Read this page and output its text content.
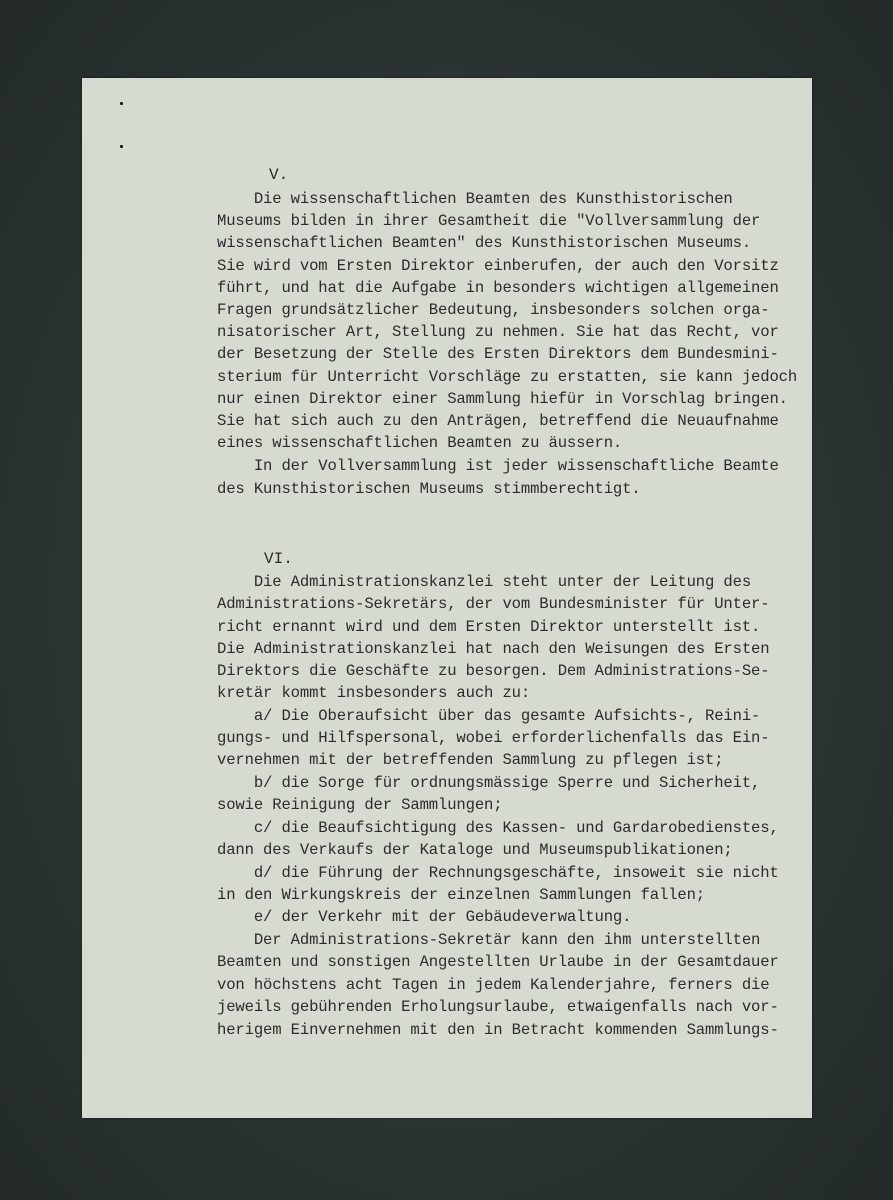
V.
Die wissenschaftlichen Beamten des Kunsthistorischen
Museums bilden in ihrer Gesamtheit die "Vollversammlung der
wissenschaftlichen Beamten" des Kunsthistorischen Museums.
Sie wird vom Ersten Direktor einberufen, der auch den Vorsitz
führt, und hat die Aufgabe in besonders wichtigen allgemeinen
Fragen grundsätzlicher Bedeutung, insbesonders solchen orga-
nisatorischer Art, Stellung zu nehmen. Sie hat das Recht, vor
der Besetzung der Stelle des Ersten Direktors dem Bundesmini-
sterium für Unterricht Vorschläge zu erstatten, sie kann jedoch
nur einen Direktor einer Sammlung hiefür in Vorschlag bringen.
Sie hat sich auch zu den Anträgen, betreffend die Neuaufnahme
eines wissenschaftlichen Beamten zu äussern.
In der Vollversammlung ist jeder wissenschaftliche Beamte
des Kunsthistorischen Museums stimmberechtigt.
VI.
Die Administrationskanzlei steht unter der Leitung des
Administrations-Sekretärs, der vom Bundesminister für Unter-
richt ernannt wird und dem Ersten Direktor unterstellt ist.
Die Administrationskanzlei hat nach den Weisungen des Ersten
Direktors die Geschäfte zu besorgen. Dem Administrations-Se-
kretär kommt insbesonders auch zu:
a/ Die Oberaufsicht über das gesamte Aufsichts-, Reini-
gungs- und Hilfspersonal, wobei erforderlichenfalls das Ein-
vernehmen mit der betreffenden Sammlung zu pflegen ist;
b/ die Sorge für ordnungsmässige Sperre und Sicherheit,
sowie Reinigung der Sammlungen;
c/ die Beaufsichtigung des Kassen- und Gardarobedienstes,
dann des Verkaufs der Kataloge und Museumspublikationen;
d/ die Führung der Rechnungsgeschäfte, insoweit sie nicht
in den Wirkungskreis der einzelnen Sammlungen fallen;
e/ der Verkehr mit der Gebäudeverwaltung.
Der Administrations-Sekretär kann den ihm unterstellten
Beamten und sonstigen Angestellten Urlaube in der Gesamtdauer
von höchstens acht Tagen in jedem Kalenderjahre, ferners die
jeweils gebührenden Erholungsurlaube, etwaigenfalls nach vor-
herigem Einvernehmen mit den in Betracht kommenden Sammlungs-
